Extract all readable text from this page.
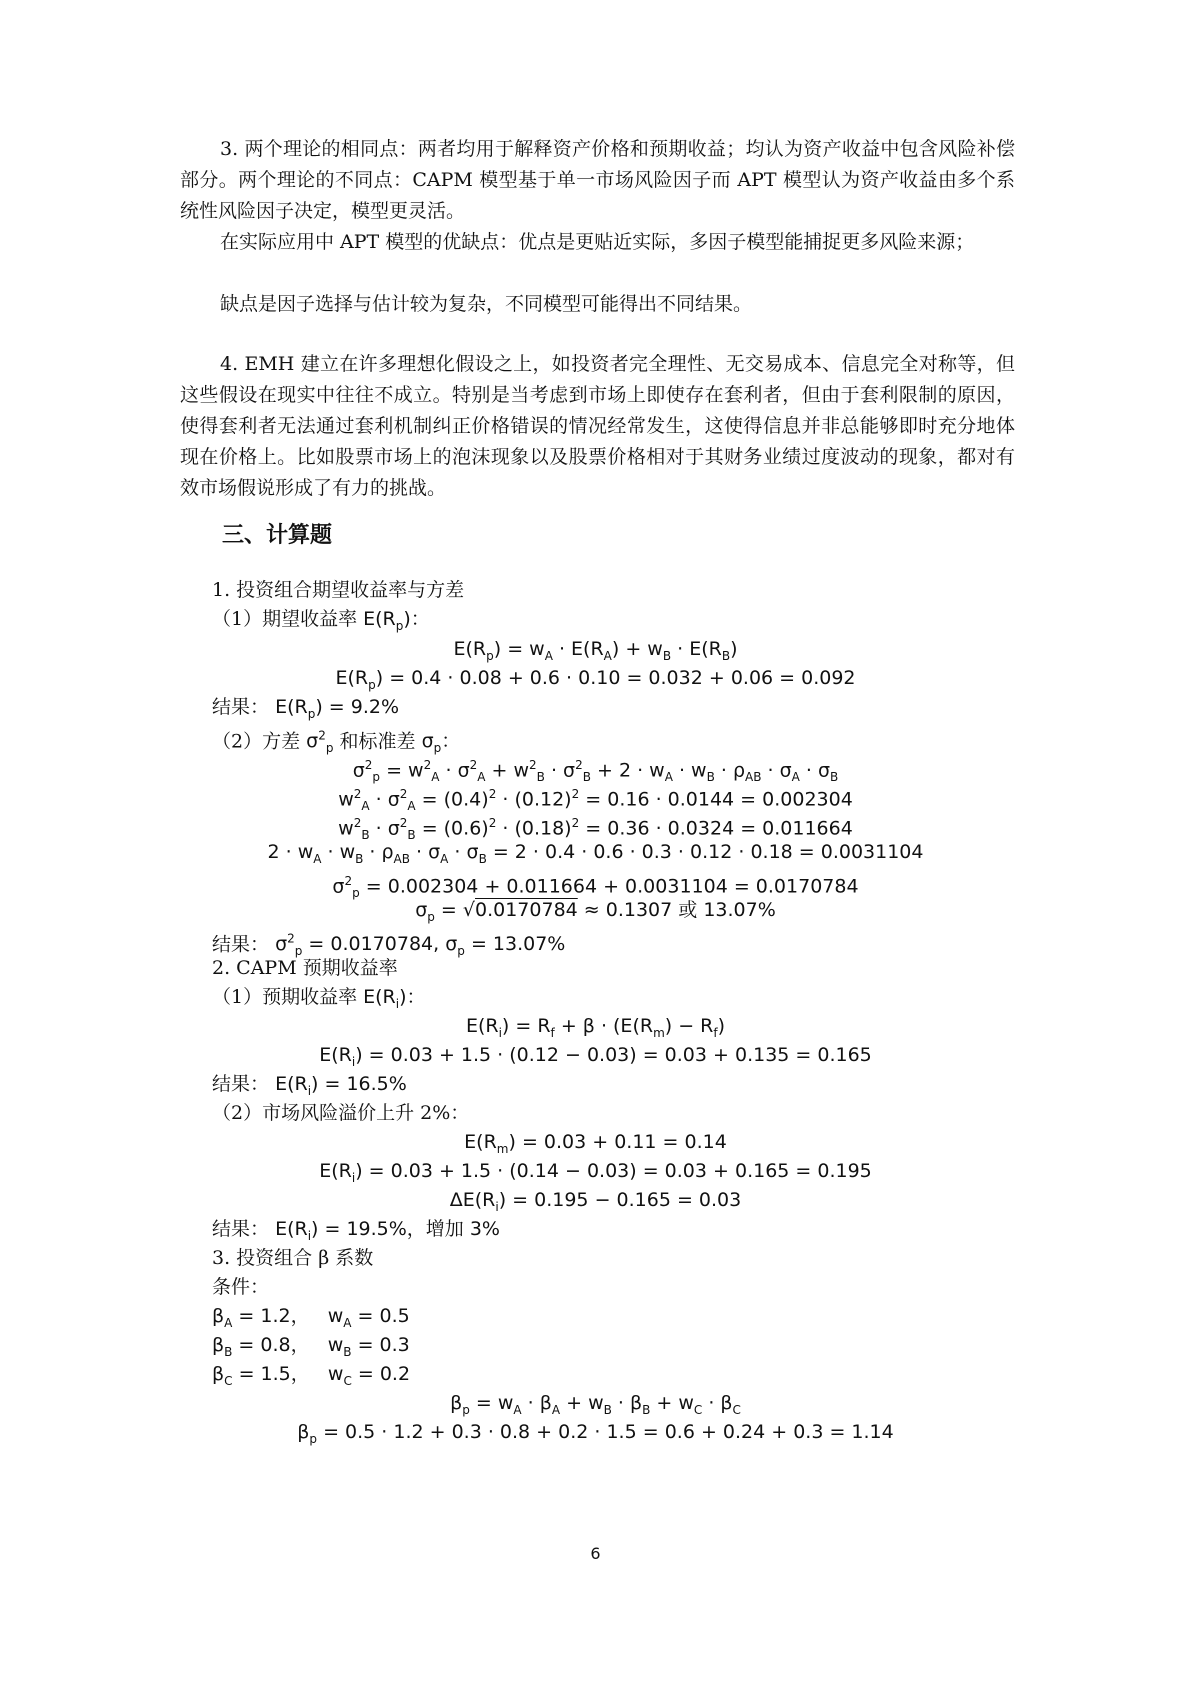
3. 两个理论的相同点：两者均用于解释资产价格和预期收益；均认为资产收益中包含风险补偿部分。两个理论的不同点：CAPM 模型基于单一市场风险因子而 APT 模型认为资产收益由多个系统性风险因子决定，模型更灵活。

在实际应用中 APT 模型的优缺点：优点是更贴近实际，多因子模型能捕捉更多风险来源；

缺点是因子选择与估计较为复杂，不同模型可能得出不同结果。

4. EMH 建立在许多理想化假设之上，如投资者完全理性、无交易成本、信息完全对称等，但这些假设在现实中往往不成立。特别是当考虑到市场上即使存在套利者，但由于套利限制的原因，使得套利者无法通过套利机制纠正价格错误的情况经常发生，这使得信息并非总能够即时充分地体现在价格上。比如股票市场上的泡沫现象以及股票价格相对于其财务业绩过度波动的现象，都对有效市场假说形成了有力的挑战。

三、计算题

1. 投资组合期望收益率与方差

（1）期望收益率 $E(R_p)$：

$E(R_p) = w_A \cdot E(R_A) + w_B \cdot E(R_B)$

$E(R_p) = 0.4 \cdot 0.08 + 0.6 \cdot 0.10 = 0.032 + 0.06 = 0.092$

结果： $E(R_p) = 9.2\%$

（2）方差 $\sigma^2_p$ 和标准差 $\sigma_p$：

$\sigma^2_p = w^2_A \cdot \sigma^2_A + w^2_B \cdot \sigma^2_B + 2 \cdot w_A \cdot w_B \cdot \rho_{AB} \cdot \sigma_A \cdot \sigma_B$

$w^2_A \cdot \sigma^2_A = (0.4)^2 \cdot (0.12)^2 = 0.16 \cdot 0.0144 = 0.002304$

$w^2_B \cdot \sigma^2_B = (0.6)^2 \cdot (0.18)^2 = 0.36 \cdot 0.0324 = 0.011664$

$2 \cdot w_A \cdot w_B \cdot \rho_{AB} \cdot \sigma_A \cdot \sigma_B = 2 \cdot 0.4 \cdot 0.6 \cdot 0.3 \cdot 0.12 \cdot 0.18 = 0.0031104$

$\sigma^2_p = 0.002304 + 0.011664 + 0.0031104 = 0.0170784$

$\sigma_p = √0.0170784 \approx 0.1307$ 或 13.07%

结果： $\sigma^2_p = 0.0170784$, $\sigma_p = 13.07\%$

2. CAPM 预期收益率

（1）预期收益率 $E(R_i)$：

$E(R_i) = R_f + \beta \cdot (E(R_m) - R_f)$

$E(R_i) = 0.03 + 1.5 \cdot (0.12 - 0.03) = 0.03 + 0.135 = 0.165$

结果： $E(R_i) = 16.5\%$

（2）市场风险溢价上升 2%：

$E(R_m) = 0.03 + 0.11 = 0.14$

$E(R_i) = 0.03 + 1.5 \cdot (0.14 - 0.03) = 0.03 + 0.165 = 0.195$

$\Delta E(R_i) = 0.195 - 0.165 = 0.03$

结果： $E(R_i) = 19.5\%$，增加 3%

3. 投资组合 β 系数

条件：

$\beta_A = 1.2$，   $w_A = 0.5$

$\beta_B = 0.8$，   $w_B = 0.3$

$\beta_C = 1.5$，   $w_C = 0.2$

$\beta_p = w_A \cdot \beta_A + w_B \cdot \beta_B + w_C \cdot \beta_C$

$\beta_p = 0.5 \cdot 1.2 + 0.3 \cdot 0.8 + 0.2 \cdot 1.5 = 0.6 + 0.24 + 0.3 = 1.14$

6
